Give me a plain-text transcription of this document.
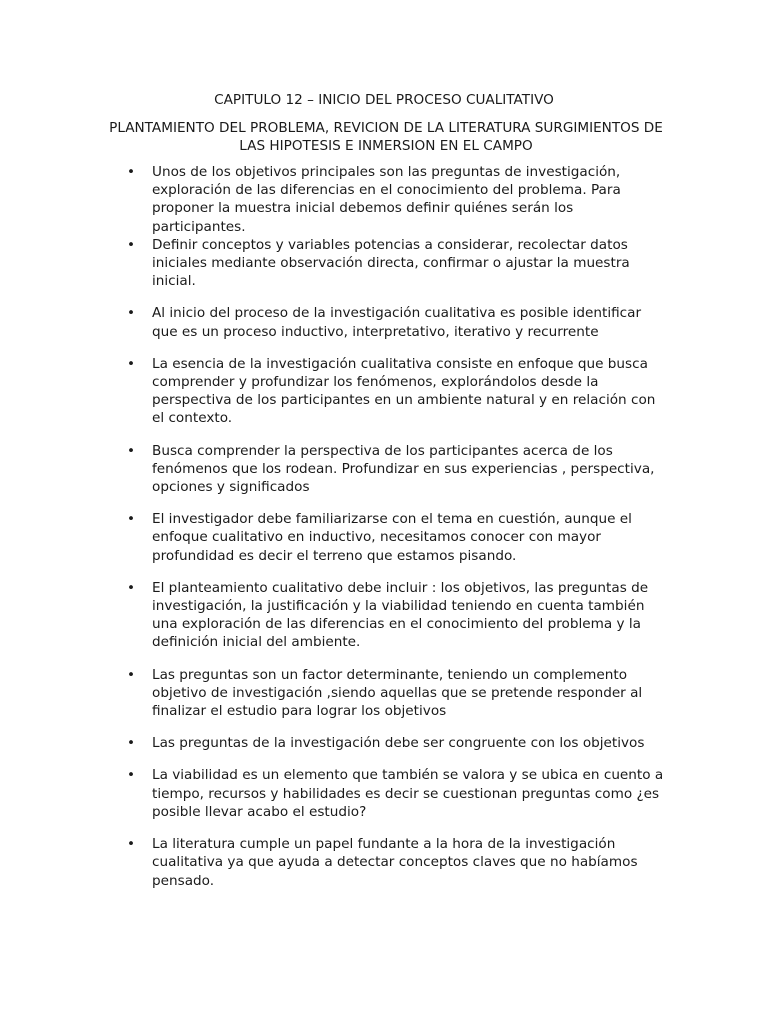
CAPITULO 12 – INICIO DEL PROCESO CUALITATIVO

PLANTAMIENTO DEL PROBLEMA, REVICION DE LA LITERATURA SURGIMIENTOS DE LAS HIPOTESIS E INMERSION EN EL CAMPO

• Unos de los objetivos principales son las preguntas de investigación, exploración de las diferencias en el conocimiento del problema. Para proponer la muestra inicial debemos definir quiénes serán los participantes.
• Definir conceptos y variables potencias a considerar, recolectar datos iniciales mediante observación directa, confirmar o ajustar la muestra inicial.
• Al inicio del proceso de la investigación cualitativa es posible identificar que es un proceso inductivo, interpretativo, iterativo y recurrente
• La esencia de la investigación cualitativa consiste en enfoque que busca comprender y profundizar los fenómenos, explorándolos desde la perspectiva de los participantes en un ambiente natural y en relación con el contexto.
• Busca comprender la perspectiva de los participantes acerca de los fenómenos que los rodean. Profundizar en sus experiencias , perspectiva, opciones y significados
• El investigador debe familiarizarse con el tema en cuestión, aunque el enfoque cualitativo en inductivo, necesitamos conocer con mayor profundidad es decir el terreno que estamos pisando.
• El planteamiento cualitativo debe incluir : los objetivos, las preguntas de investigación, la justificación y la viabilidad teniendo en cuenta también una exploración de las diferencias en el conocimiento del problema y la definición inicial del ambiente.
• Las preguntas son un factor determinante, teniendo un complemento objetivo de investigación ,siendo aquellas que se pretende responder al finalizar el estudio para lograr los objetivos
• Las preguntas de la investigación debe ser congruente con los objetivos
• La viabilidad es un elemento que también se valora y se ubica en cuento a tiempo, recursos y habilidades es decir se cuestionan preguntas como ¿es posible llevar acabo el estudio?
• La literatura cumple un papel fundante a la hora de la investigación cualitativa ya que ayuda a detectar conceptos claves que no habíamos pensado.
